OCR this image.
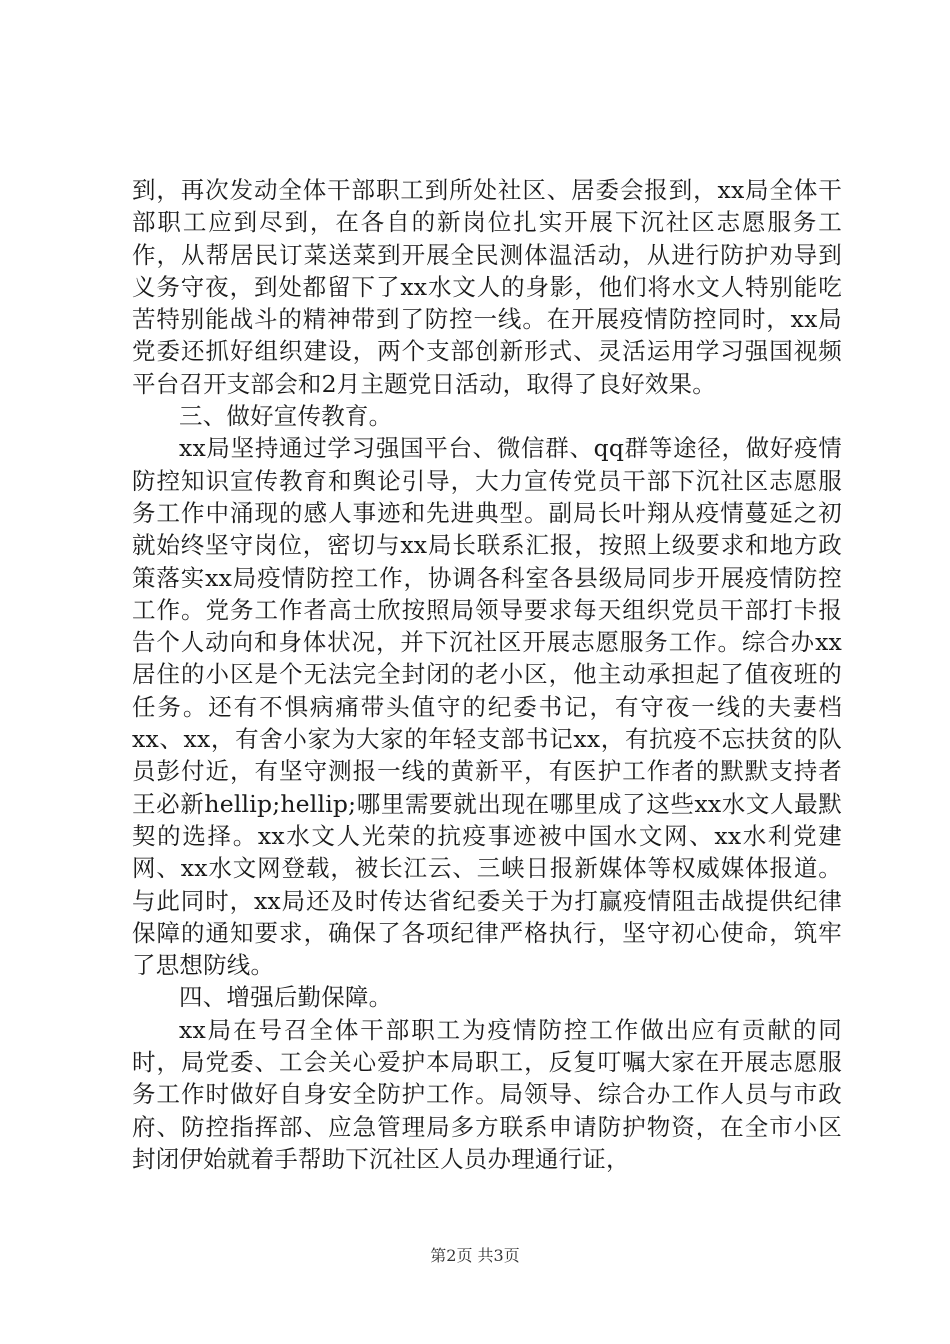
到，再次发动全体干部职工到所处社区、居委会报到，xx局全体干部职工应到尽到，在各自的新岗位扎实开展下沉社区志愿服务工作，从帮居民订菜送菜到开展全民测体温活动，从进行防护劝导到义务守夜，到处都留下了xx水文人的身影，他们将水文人特别能吃苦特别能战斗的精神带到了防控一线。在开展疫情防控同时，xx局党委还抓好组织建设，两个支部创新形式、灵活运用学习强国视频平台召开支部会和2月主题党日活动，取得了良好效果。

三、做好宣传教育。

xx局坚持通过学习强国平台、微信群、qq群等途径，做好疫情防控知识宣传教育和舆论引导，大力宣传党员干部下沉社区志愿服务工作中涌现的感人事迹和先进典型。副局长叶翔从疫情蔓延之初就始终坚守岗位，密切与xx局长联系汇报，按照上级要求和地方政策落实xx局疫情防控工作，协调各科室各县级局同步开展疫情防控工作。党务工作者高士欣按照局领导要求每天组织党员干部打卡报告个人动向和身体状况，并下沉社区开展志愿服务工作。综合办xx居住的小区是个无法完全封闭的老小区，他主动承担起了值夜班的任务。还有不惧病痛带头值守的纪委书记，有守夜一线的夫妻档xx、xx，有舍小家为大家的年轻支部书记xx，有抗疫不忘扶贫的队员彭付近，有坚守测报一线的黄新平，有医护工作者的默默支持者王必新hellip;hellip;哪里需要就出现在哪里成了这些xx水文人最默契的选择。xx水文人光荣的抗疫事迹被中国水文网、xx水利党建网、xx水文网登载，被长江云、三峡日报新媒体等权威媒体报道。与此同时，xx局还及时传达省纪委关于为打赢疫情阻击战提供纪律保障的通知要求，确保了各项纪律严格执行，坚守初心使命，筑牢了思想防线。

四、增强后勤保障。

xx局在号召全体干部职工为疫情防控工作做出应有贡献的同时，局党委、工会关心爱护本局职工，反复叮嘱大家在开展志愿服务工作时做好自身安全防护工作。局领导、综合办工作人员与市政府、防控指挥部、应急管理局多方联系申请防护物资，在全市小区封闭伊始就着手帮助下沉社区人员办理通行证，

第2页 共3页
